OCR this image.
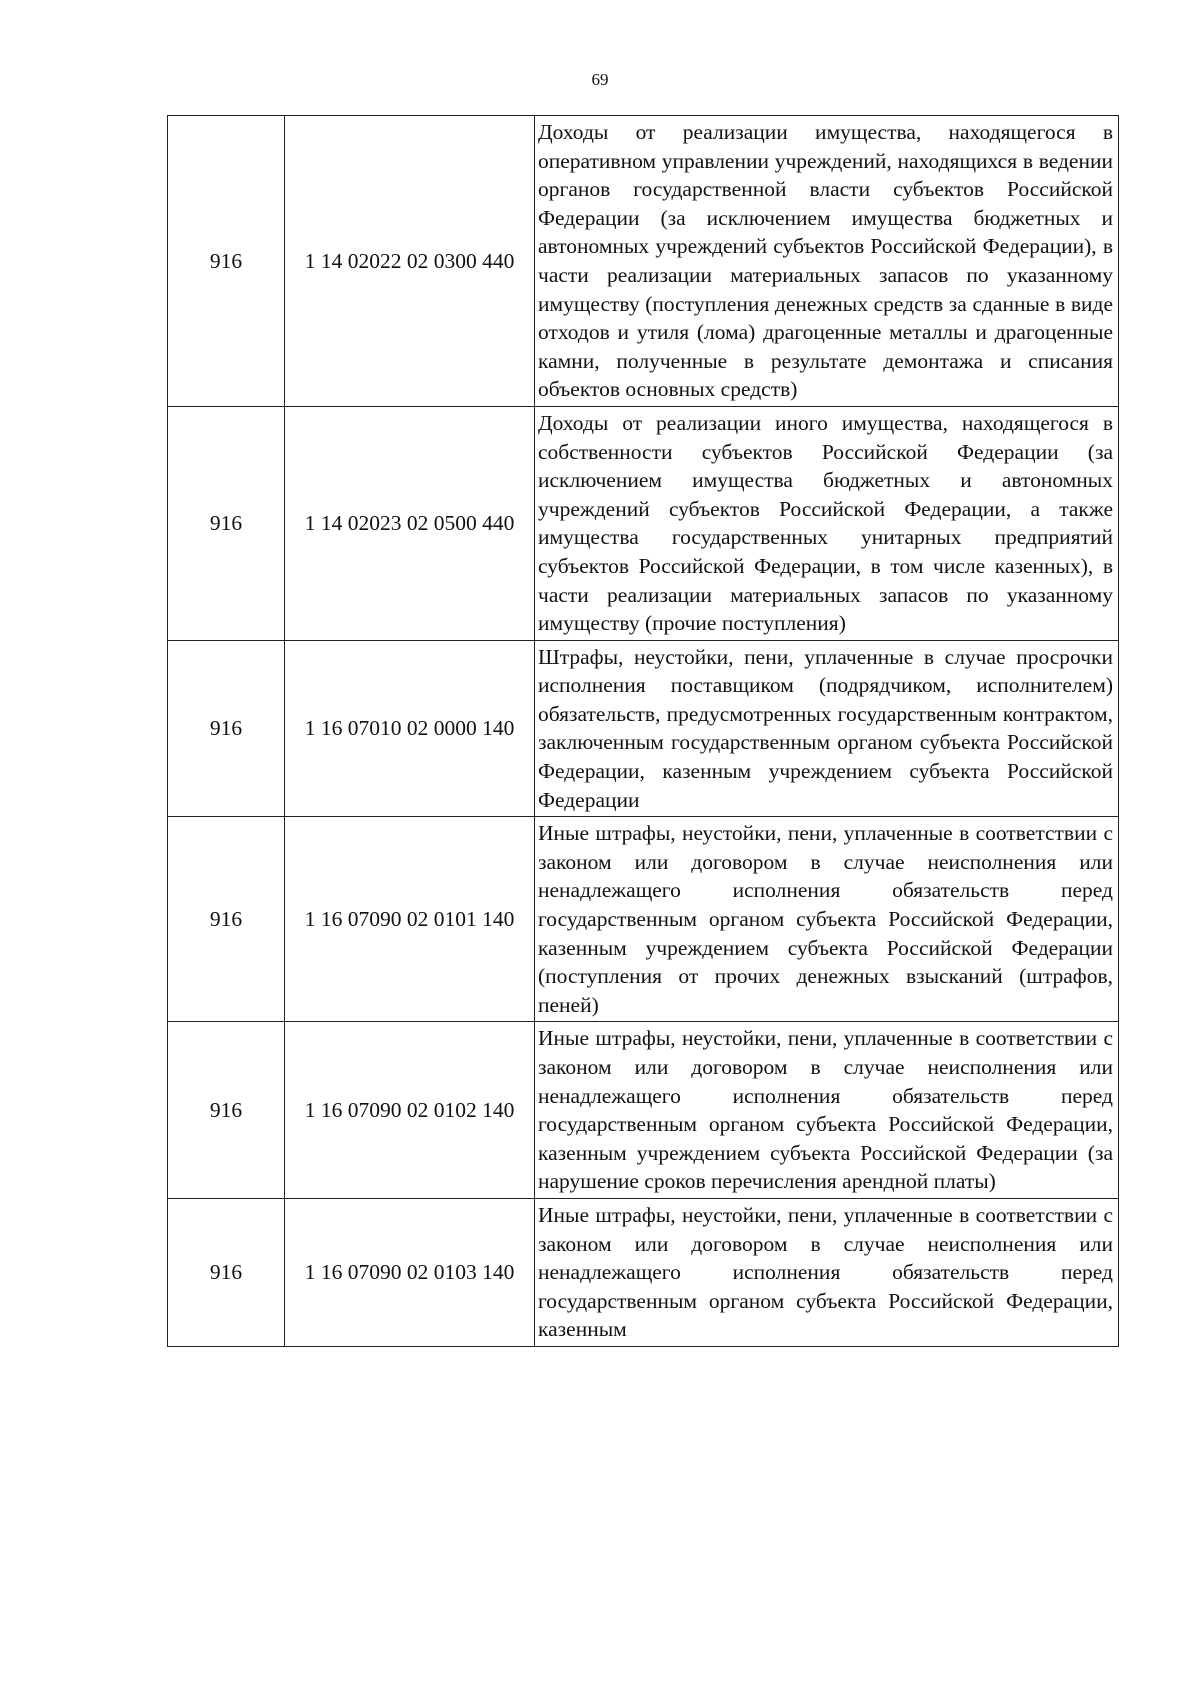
69
916	1 14 02022 02 0300 440	Доходы от реализации имущества, находящегося в оперативном управлении учреждений, находящихся в ведении органов государственной власти субъектов Российской Федерации (за исключением имущества бюджетных и автономных учреждений субъектов Российской Федерации), в части реализации материальных запасов по указанному имуществу (поступления денежных средств за сданные в виде отходов и утиля (лома) драгоценные металлы и драгоценные камни, полученные в результате демонтажа и списания объектов основных средств)
916	1 14 02023 02 0500 440	Доходы от реализации иного имущества, находящегося в собственности субъектов Российской Федерации (за исключением имущества бюджетных и автономных учреждений субъектов Российской Федерации, а также имущества государственных унитарных предприятий субъектов Российской Федерации, в том числе казенных), в части реализации материальных запасов по указанному имуществу (прочие поступления)
916	1 16 07010 02 0000 140	Штрафы, неустойки, пени, уплаченные в случае просрочки исполнения поставщиком (подрядчиком, исполнителем) обязательств, предусмотренных государственным контрактом, заключенным государственным органом субъекта Российской Федерации, казенным учреждением субъекта Российской Федерации
916	1 16 07090 02 0101 140	Иные штрафы, неустойки, пени, уплаченные в соответствии с законом или договором в случае неисполнения или ненадлежащего исполнения обязательств перед государственным органом субъекта Российской Федерации, казенным учреждением субъекта Российской Федерации (поступления от прочих денежных взысканий (штрафов, пеней)
916	1 16 07090 02 0102 140	Иные штрафы, неустойки, пени, уплаченные в соответствии с законом или договором в случае неисполнения или ненадлежащего исполнения обязательств перед государственным органом субъекта Российской Федерации, казенным учреждением субъекта Российской Федерации (за нарушение сроков перечисления арендной платы)
916	1 16 07090 02 0103 140	Иные штрафы, неустойки, пени, уплаченные в соответствии с законом или договором в случае неисполнения или ненадлежащего исполнения обязательств перед государственным органом субъекта Российской Федерации, казенным
